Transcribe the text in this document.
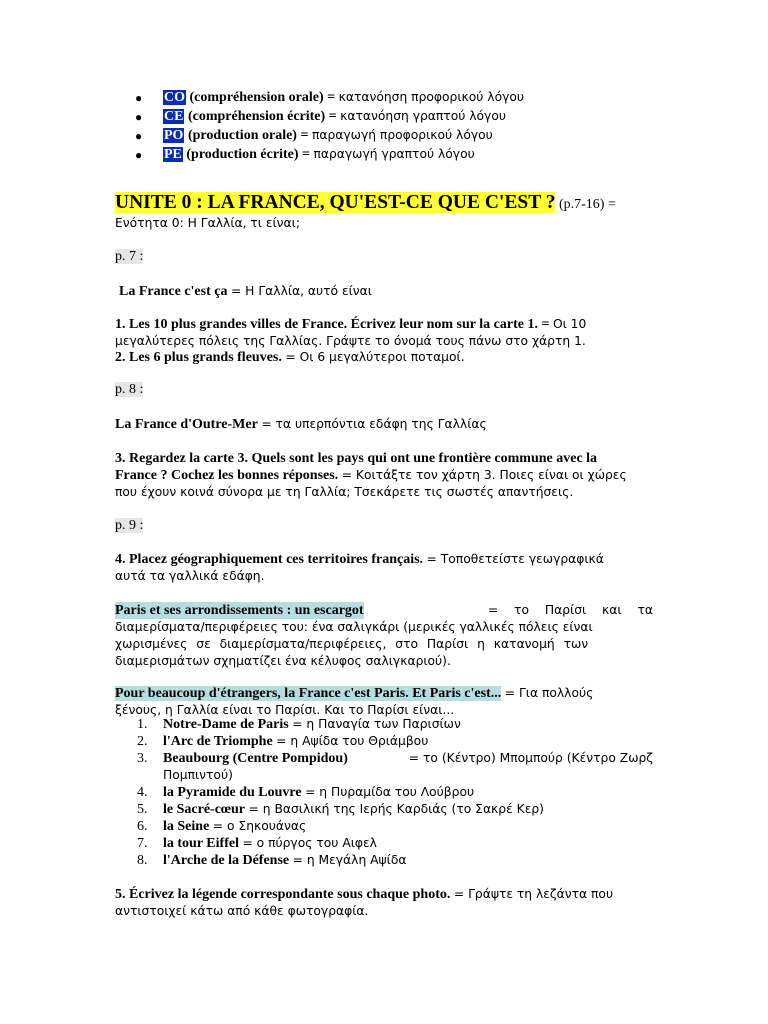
● CO (compréhension orale) = κατανόηση προφορικού λόγου
● CE (compréhension écrite) = κατανόηση γραπτού λόγου
● PO (production orale) = παραγωγή προφορικού λόγου
● PE (production écrite) = παραγωγή γραπτού λόγου
UNITE 0 : LA FRANCE, QU'EST-CE QUE C'EST ? (p.7-16) =
Ενότητα 0: Η Γαλλία, τι είναι;
p. 7 :
La France c'est ça = Η Γαλλία, αυτό είναι
1. Les 10 plus grandes villes de France. Écrivez leur nom sur la carte 1. = Οι 10
μεγαλύτερες πόλεις της Γαλλίας. Γράψτε το όνομά τους πάνω στο χάρτη 1.
2. Les 6 plus grands fleuves. = Οι 6 μεγαλύτεροι ποταμοί.
p. 8 :
La France d'Outre-Mer = τα υπερπόντια εδάφη της Γαλλίας
3. Regardez la carte 3. Quels sont les pays qui ont une frontière commune avec la
France ? Cochez les bonnes réponses. = Κοιτάξτε τον χάρτη 3. Ποιες είναι οι χώρες
που έχουν κοινά σύνορα με τη Γαλλία; Τσεκάρετε τις σωστές απαντήσεις.
p. 9 :
4. Placez géographiquement ces territoires français. = Τοποθετείστε γεωγραφικά
αυτά τα γαλλικά εδάφη.
Paris et ses arrondissements : un escargot	= το Παρίσι και τα
διαμερίσματα/περιφέρειες του: ένα σαλιγκάρι (μερικές γαλλικές πόλεις είναι
χωρισμένες σε διαμερίσματα/περιφέρειες, στο Παρίσι η κατανομή των
διαμερισμάτων σχηματίζει ένα κέλυφος σαλιγκαριού).
Pour beaucoup d'étrangers, la France c'est Paris. Et Paris c'est... = Για πολλούς
ξένους, η Γαλλία είναι το Παρίσι. Και το Παρίσι είναι...
1. Notre-Dame de Paris = η Παναγία των Παρισίων
2. l'Arc de Triomphe = η Αψίδα του Θριάμβου
3. Beaubourg (Centre Pompidou)	= το (Κέντρο) Μπομπούρ (Κέντρο Ζωρζ
Πομπιντού)
4. la Pyramide du Louvre = η Πυραμίδα του Λούβρου
5. le Sacré-cœur = η Βασιλική της Ιερής Καρδιάς (το Σακρέ Κερ)
6. la Seine = ο Σηκουάνας
7. la tour Eiffel = ο πύργος του Αιφελ
8. l'Arche de la Défense = η Μεγάλη Αψίδα
5. Écrivez la légende correspondante sous chaque photo. = Γράψτε τη λεζάντα που
αντιστοιχεί κάτω από κάθε φωτογραφία.
